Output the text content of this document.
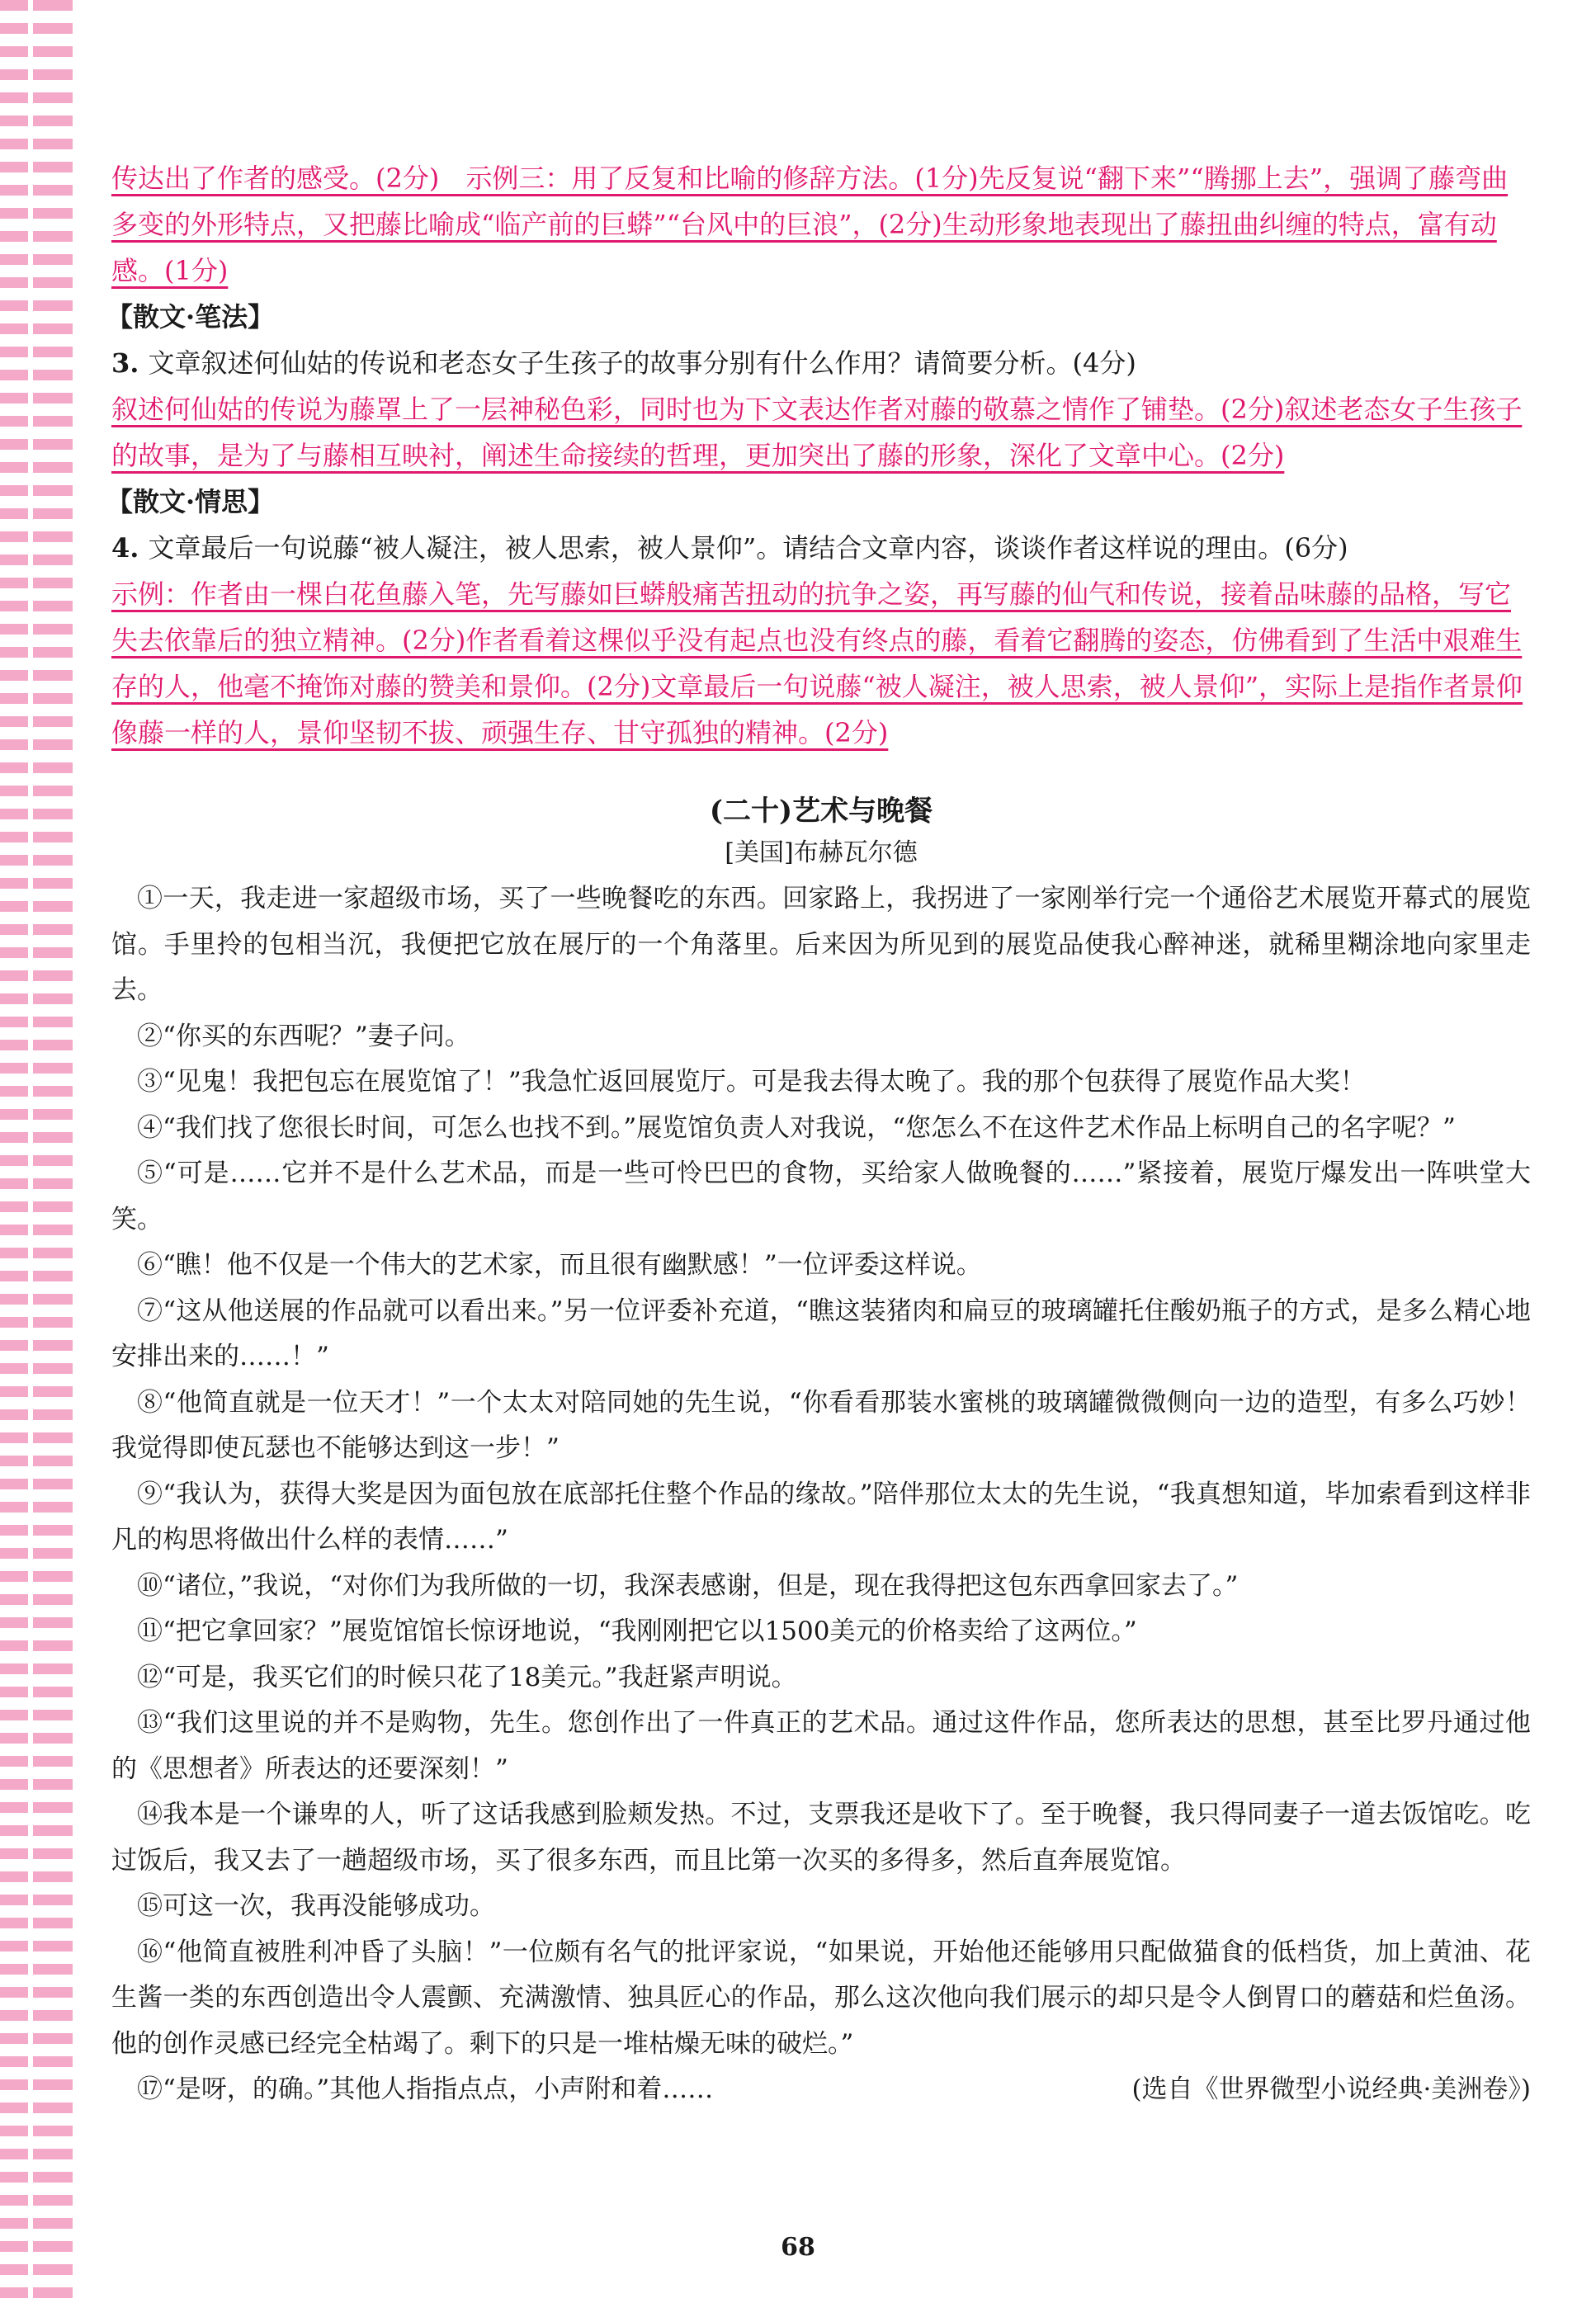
传达出了作者的感受。(2分)　示例三：用了反复和比喻的修辞方法。(1分)先反复说“翻下来”“腾挪上去”，强调了藤弯曲多变的外形特点，又把藤比喻成“临产前的巨蟒”“台风中的巨浪”，(2分)生动形象地表现出了藤扭曲纠缠的特点，富有动感。(1分)

【散文·笔法】

3. 文章叙述何仙姑的传说和老态女子生孩子的故事分别有什么作用？请简要分析。(4分)

叙述何仙姑的传说为藤罩上了一层神秘色彩，同时也为下文表达作者对藤的敬慕之情作了铺垫。(2分)叙述老态女子生孩子的故事，是为了与藤相互映衬，阐述生命接续的哲理，更加突出了藤的形象，深化了文章中心。(2分)

【散文·情思】

4. 文章最后一句说藤“被人凝注，被人思索，被人景仰”。请结合文章内容，谈谈作者这样说的理由。(6分)

示例：作者由一棵白花鱼藤入笔，先写藤如巨蟒般痛苦扭动的抗争之姿，再写藤的仙气和传说，接着品味藤的品格，写它失去依靠后的独立精神。(2分)作者看着这棵似乎没有起点也没有终点的藤，看着它翻腾的姿态，仿佛看到了生活中艰难生存的人，他毫不掩饰对藤的赞美和景仰。(2分)文章最后一句说藤“被人凝注，被人思索，被人景仰”，实际上是指作者景仰像藤一样的人，景仰坚韧不拔、顽强生存、甘守孤独的精神。(2分)

(二十)艺术与晚餐
[美国]布赫瓦尔德

①一天，我走进一家超级市场，买了一些晚餐吃的东西。回家路上，我拐进了一家刚举行完一个通俗艺术展览开幕式的展览馆。手里拎的包相当沉，我便把它放在展厅的一个角落里。后来因为所见到的展览品使我心醉神迷，就稀里糊涂地向家里走去。

②“你买的东西呢？”妻子问。

③“见鬼！我把包忘在展览馆了！”我急忙返回展览厅。可是我去得太晚了。我的那个包获得了展览作品大奖！

④“我们找了您很长时间，可怎么也找不到。”展览馆负责人对我说，“您怎么不在这件艺术作品上标明自己的名字呢？”

⑤“可是……它并不是什么艺术品，而是一些可怜巴巴的食物，买给家人做晚餐的……”紧接着，展览厅爆发出一阵哄堂大笑。

⑥“瞧！他不仅是一个伟大的艺术家，而且很有幽默感！”一位评委这样说。

⑦“这从他送展的作品就可以看出来。”另一位评委补充道，“瞧这装猪肉和扁豆的玻璃罐托住酸奶瓶子的方式，是多么精心地安排出来的……！”

⑧“他简直就是一位天才！”一个太太对陪同她的先生说，“你看看那装水蜜桃的玻璃罐微微侧向一边的造型，有多么巧妙！我觉得即使瓦瑟也不能够达到这一步！”

⑨“我认为，获得大奖是因为面包放在底部托住整个作品的缘故。”陪伴那位太太的先生说，“我真想知道，毕加索看到这样非凡的构思将做出什么样的表情……”

⑩“诸位，”我说，“对你们为我所做的一切，我深表感谢，但是，现在我得把这包东西拿回家去了。”

⑪“把它拿回家？”展览馆馆长惊讶地说，“我刚刚把它以1500美元的价格卖给了这两位。”

⑫“可是，我买它们的时候只花了18美元。”我赶紧声明说。

⑬“我们这里说的并不是购物，先生。您创作出了一件真正的艺术品。通过这件作品，您所表达的思想，甚至比罗丹通过他的《思想者》所表达的还要深刻！”

⑭我本是一个谦卑的人，听了这话我感到脸颊发热。不过，支票我还是收下了。至于晚餐，我只得同妻子一道去饭馆吃。吃过饭后，我又去了一趟超级市场，买了很多东西，而且比第一次买的多得多，然后直奔展览馆。

⑮可这一次，我再没能够成功。

⑯“他简直被胜利冲昏了头脑！”一位颇有名气的批评家说，“如果说，开始他还能够用只配做猫食的低档货，加上黄油、花生酱一类的东西创造出令人震颤、充满激情、独具匠心的作品，那么这次他向我们展示的却只是令人倒胃口的蘑菇和烂鱼汤。他的创作灵感已经完全枯竭了。剩下的只是一堆枯燥无味的破烂。”

⑰“是呀，的确。”其他人指指点点，小声附和着……	(选自《世界微型小说经典·美洲卷》)
68
